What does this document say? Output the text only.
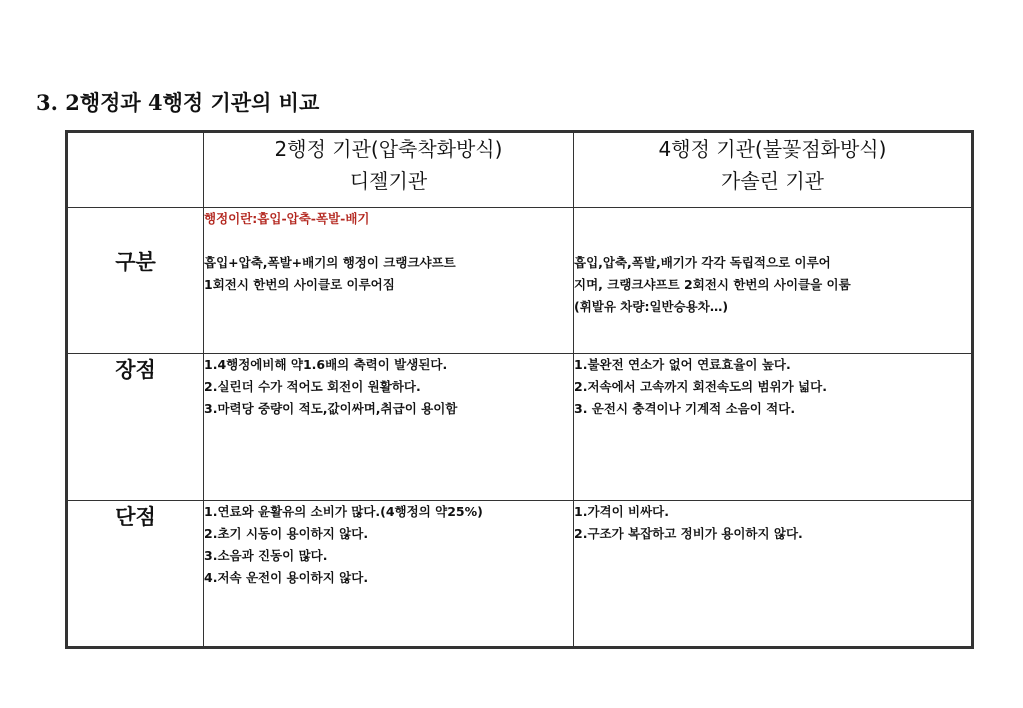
3. 2행정과 4행정 기관의 비교

	2행정 기관(압축착화방식)
디젤기관	4행정 기관(불꽃점화방식)
가솔린 기관

구분	행정이란:흡입-압축-폭발-배기
흡입+압축,폭발+배기의 행정이 크랭크샤프트
1회전시 한번의 사이클로 이루어짐	흡입,압축,폭발,배기가 각각 독립적으로 이루어
지며, 크랭크샤프트 2회전시 한번의 사이클을 이룸
(휘발유 차량:일반승용차…)

장점	1.4행정에비해 약1.6배의 축력이 발생된다.
2.실린더 수가 적어도 회전이 원활하다.
3.마력당 중량이 적도,값이싸며,취급이 용이함	1.불완전 연소가 없어 연료효율이 높다.
2.저속에서 고속까지 회전속도의 범위가 넓다.
3. 운전시 충격이나 기계적 소음이 적다.

단점	1.연료와 윤활유의 소비가 많다.(4행정의 약25%)
2.초기 시동이 용이하지 않다.
3.소음과 진동이 많다.
4.저속 운전이 용이하지 않다.	1.가격이 비싸다.
2.구조가 복잡하고 정비가 용이하지 않다.
